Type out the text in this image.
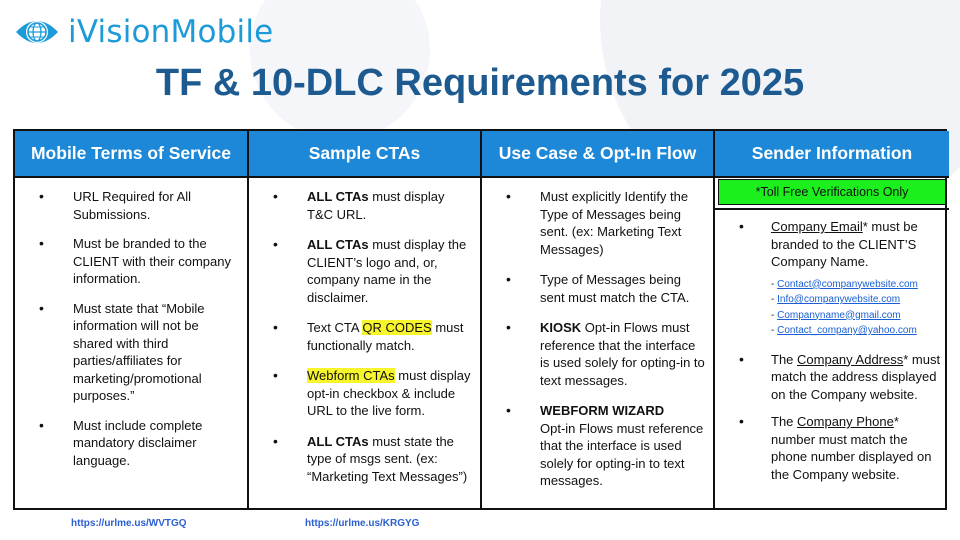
iVisionMobile
TF & 10-DLC Requirements for 2025
Mobile Terms of Service
• URL Required for All Submissions.
• Must be branded to the CLIENT with their company information.
• Must state that “Mobile information will not be shared with third parties/affiliates for marketing/promotional purposes.”
• Must include complete mandatory disclaimer language.
Sample CTAs
• ALL CTAs must display T&C URL.
• ALL CTAs must display the CLIENT’s logo and, or, company name in the disclaimer.
• Text CTA QR CODES must functionally match.
• Webform CTAs must display opt-in checkbox & include URL to the live form.
• ALL CTAs must state the type of msgs sent. (ex: “Marketing Text Messages”)
Use Case & Opt-In Flow
• Must explicitly Identify the Type of Messages being sent. (ex: Marketing Text Messages)
• Type of Messages being sent must match the CTA.
• KIOSK Opt-in Flows must reference that the interface is used solely for opting-in to text messages.
• WEBFORM WIZARD
Opt-in Flows must reference that the interface is used solely for opting-in to text messages.
Sender Information
*Toll Free Verifications Only
• Company Email* must be branded to the CLIENT’S Company Name.
- Contact@companywebsite.com
- Info@companywebsite.com
- Companyname@gmail.com
- Contact_company@yahoo.com
• The Company Address* must match the address displayed on the Company website.
• The Company Phone* number must match the phone number displayed on the Company website.
https://urlme.us/WVTGQ	https://urlme.us/KRGYG
